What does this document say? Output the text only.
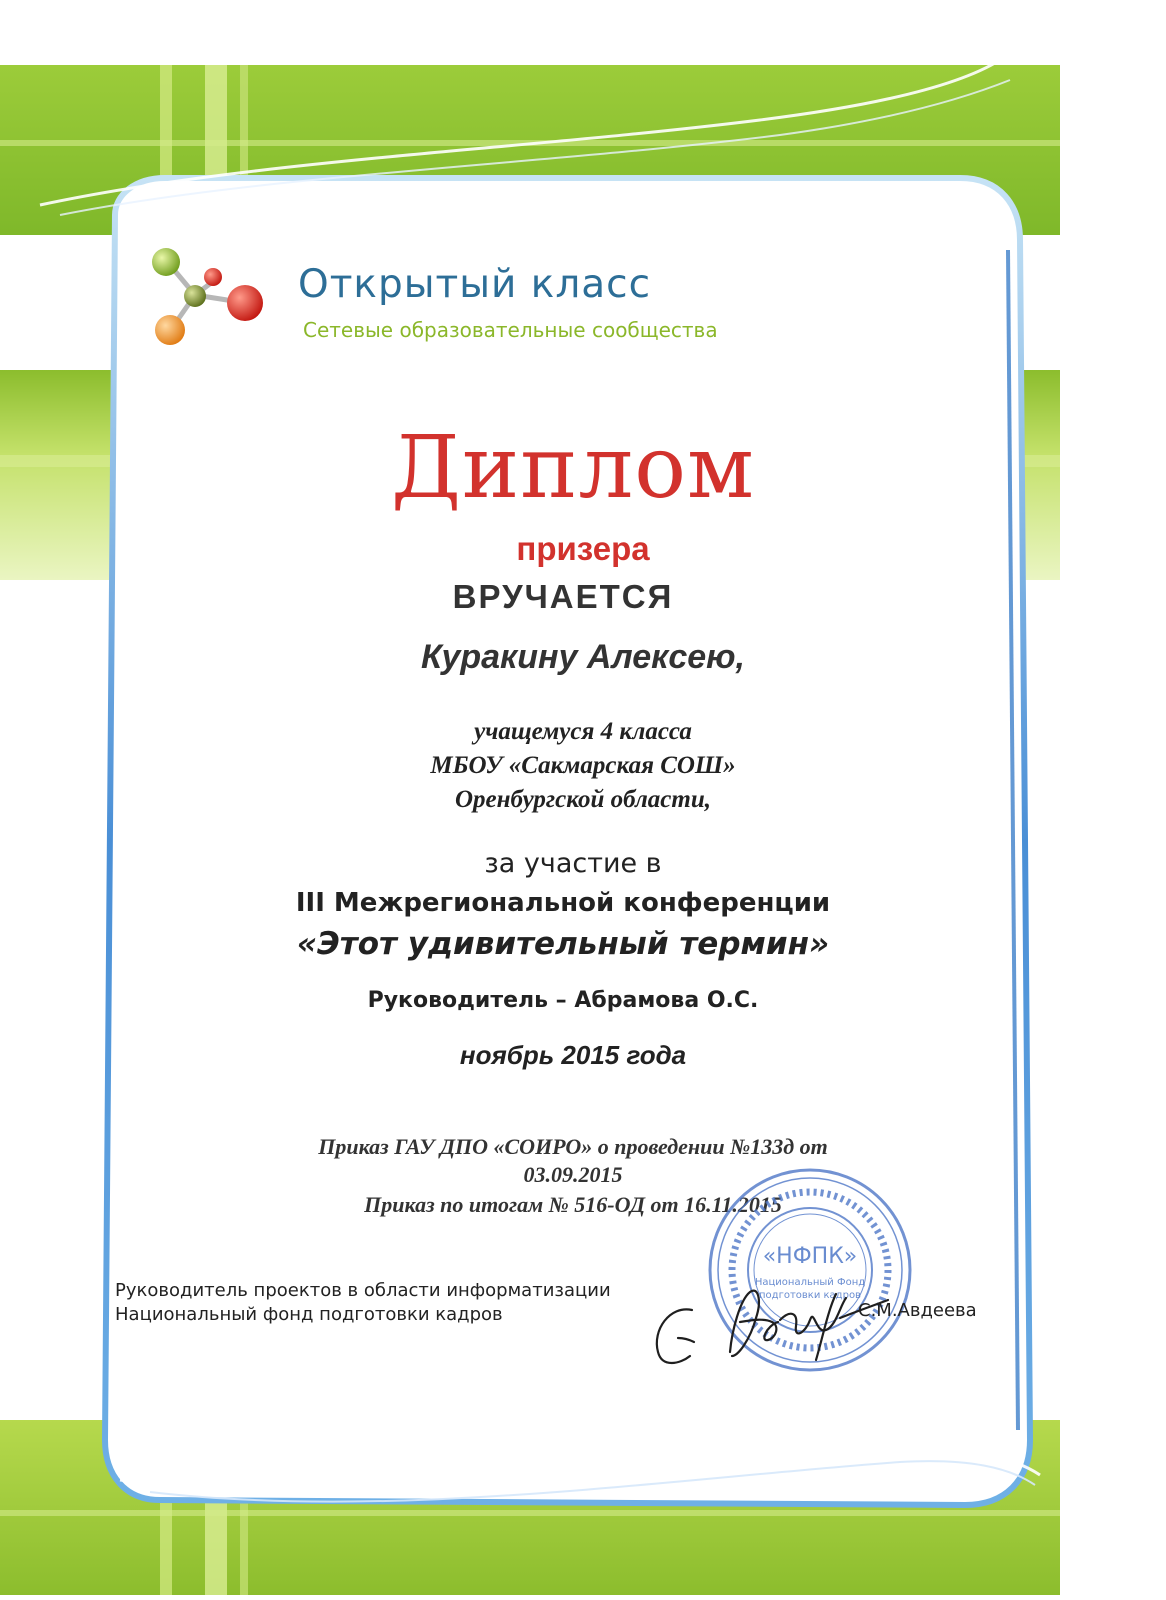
Открытый класс
Сетевые образовательные сообщества
Диплом
призера
ВРУЧАЕТСЯ
Куракину Алексею,
учащемуся 4 класса
МБОУ «Сакмарская СОШ»
Оренбургской области,
за участие в
III Межрегиональной конференции
«Этот удивительный термин»
Руководитель – Абрамова О.С.
ноябрь 2015 года
Приказ ГАУ ДПО «СОИРО» о проведении №133д от
03.09.2015
Приказ по итогам № 516-ОД от 16.11.2015
Руководитель проектов в области информатизации
Национальный фонд подготовки кадров
«НФПК»
Национальный Фонд
подготовки кадров
С.М.Авдеева
